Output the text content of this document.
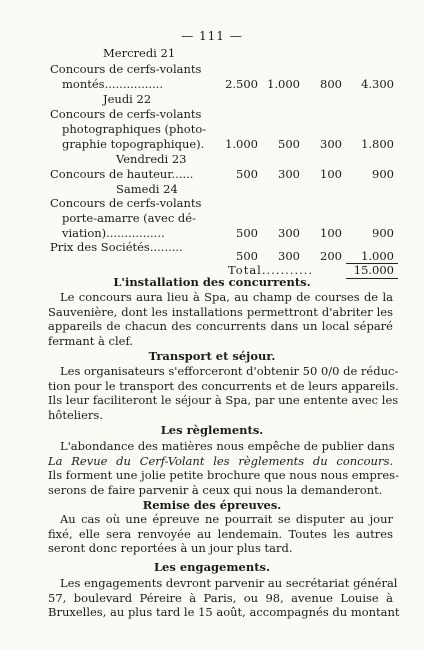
— 111 —
Mercredi 21
Concours de cerfs-volants
montés................	2.500 1.000	800	4.300
Jeudi 22
Concours de cerfs-volants
photographiques (photo-
graphie topographique). 1.000	500	300	1.800
Vendredi 23
Concours de hauteur......	500	300	100	900
Samedi 24
Concours de cerfs-volants
porte-amarre (avec dé-
viation)................	500	300	100	900
Prix des Sociétés.........
500	300	200	1.000
Total...........	15.000
L'installation des concurrents.
Le concours aura lieu à Spa, au champ de courses de la
Sauvenière, dont les installations permettront d'abriter les
appareils de chacun des concurrents dans un local séparé
fermant à clef.
Transport et séjour.
Les organisateurs s'efforceront d'obtenir 50 0/0 de réduc-
tion pour le transport des concurrents et de leurs appareils.
Ils leur faciliteront le séjour à Spa, par une entente avec les
hôteliers.
Les règlements.
L'abondance des matières nous empêche de publier dans
La Revue du Cerf-Volant les règlements du concours.
Ils forment une jolie petite brochure que nous nous empres-
serons de faire parvenir à ceux qui nous la demanderont.
Remise des épreuves.
Au cas où une épreuve ne pourrait se disputer au jour
fixé, elle sera renvoyée au lendemain. Toutes les autres
seront donc reportées à un jour plus tard.
Les engagements.
Les engagements devront parvenir au secrétariat général
57, boulevard Péreire à Paris, ou 98, avenue Louise à
Bruxelles, au plus tard le 15 août, accompagnés du montant
